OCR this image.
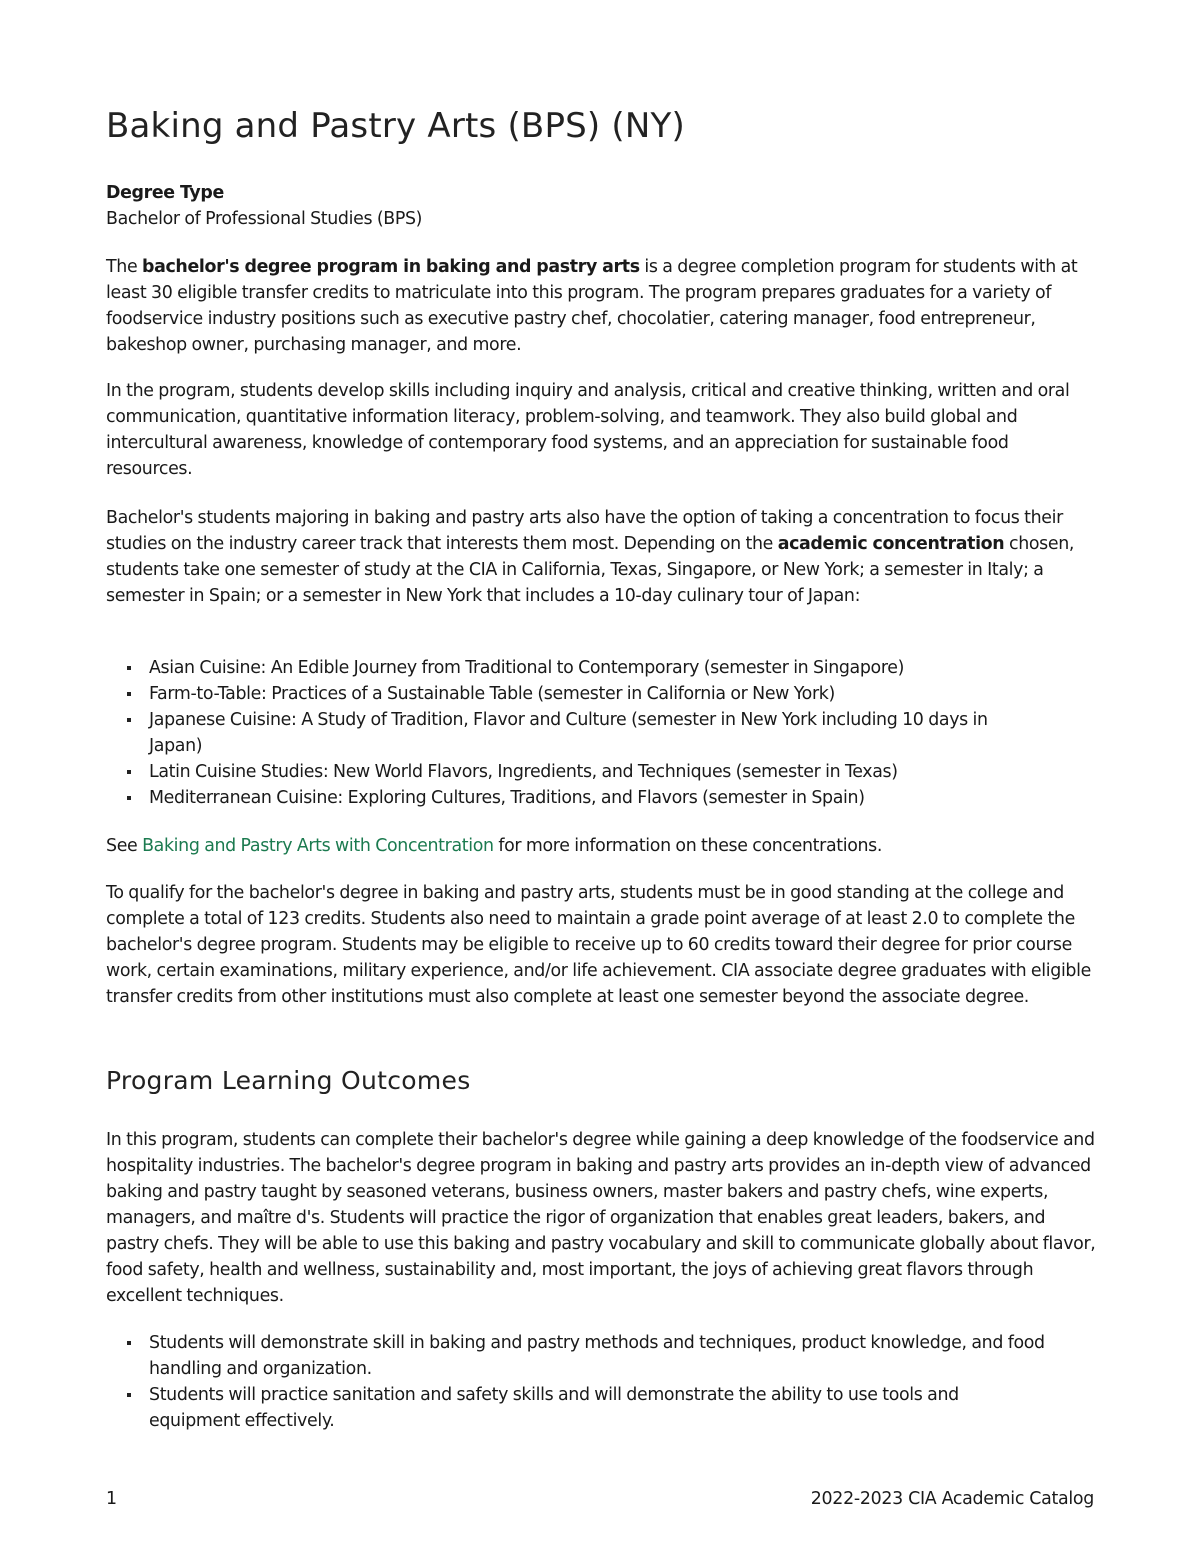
Baking and Pastry Arts (BPS) (NY)
Degree Type
Bachelor of Professional Studies (BPS)

The bachelor's degree program in baking and pastry arts is a degree completion program for students with at least 30 eligible transfer credits to matriculate into this program. The program prepares graduates for a variety of foodservice industry positions such as executive pastry chef, chocolatier, catering manager, food entrepreneur, bakeshop owner, purchasing manager, and more.

In the program, students develop skills including inquiry and analysis, critical and creative thinking, written and oral communication, quantitative information literacy, problem-solving, and teamwork. They also build global and intercultural awareness, knowledge of contemporary food systems, and an appreciation for sustainable food resources.

Bachelor's students majoring in baking and pastry arts also have the option of taking a concentration to focus their studies on the industry career track that interests them most. Depending on the academic concentration chosen, students take one semester of study at the CIA in California, Texas, Singapore, or New York; a semester in Italy; a semester in Spain; or a semester in New York that includes a 10-day culinary tour of Japan:

Asian Cuisine: An Edible Journey from Traditional to Contemporary (semester in Singapore)
Farm-to-Table: Practices of a Sustainable Table (semester in California or New York)
Japanese Cuisine: A Study of Tradition, Flavor and Culture (semester in New York including 10 days in Japan)
Latin Cuisine Studies: New World Flavors, Ingredients, and Techniques (semester in Texas)
Mediterranean Cuisine: Exploring Cultures, Traditions, and Flavors (semester in Spain)

See Baking and Pastry Arts with Concentration for more information on these concentrations.

To qualify for the bachelor's degree in baking and pastry arts, students must be in good standing at the college and complete a total of 123 credits. Students also need to maintain a grade point average of at least 2.0 to complete the bachelor's degree program. Students may be eligible to receive up to 60 credits toward their degree for prior course work, certain examinations, military experience, and/or life achievement. CIA associate degree graduates with eligible transfer credits from other institutions must also complete at least one semester beyond the associate degree.

Program Learning Outcomes

In this program, students can complete their bachelor's degree while gaining a deep knowledge of the foodservice and hospitality industries. The bachelor's degree program in baking and pastry arts provides an in-depth view of advanced baking and pastry taught by seasoned veterans, business owners, master bakers and pastry chefs, wine experts, managers, and maître d's. Students will practice the rigor of organization that enables great leaders, bakers, and pastry chefs. They will be able to use this baking and pastry vocabulary and skill to communicate globally about flavor, food safety, health and wellness, sustainability and, most important, the joys of achieving great flavors through excellent techniques.

Students will demonstrate skill in baking and pastry methods and techniques, product knowledge, and food handling and organization.
Students will practice sanitation and safety skills and will demonstrate the ability to use tools and equipment effectively.
1	2022-2023 CIA Academic Catalog
